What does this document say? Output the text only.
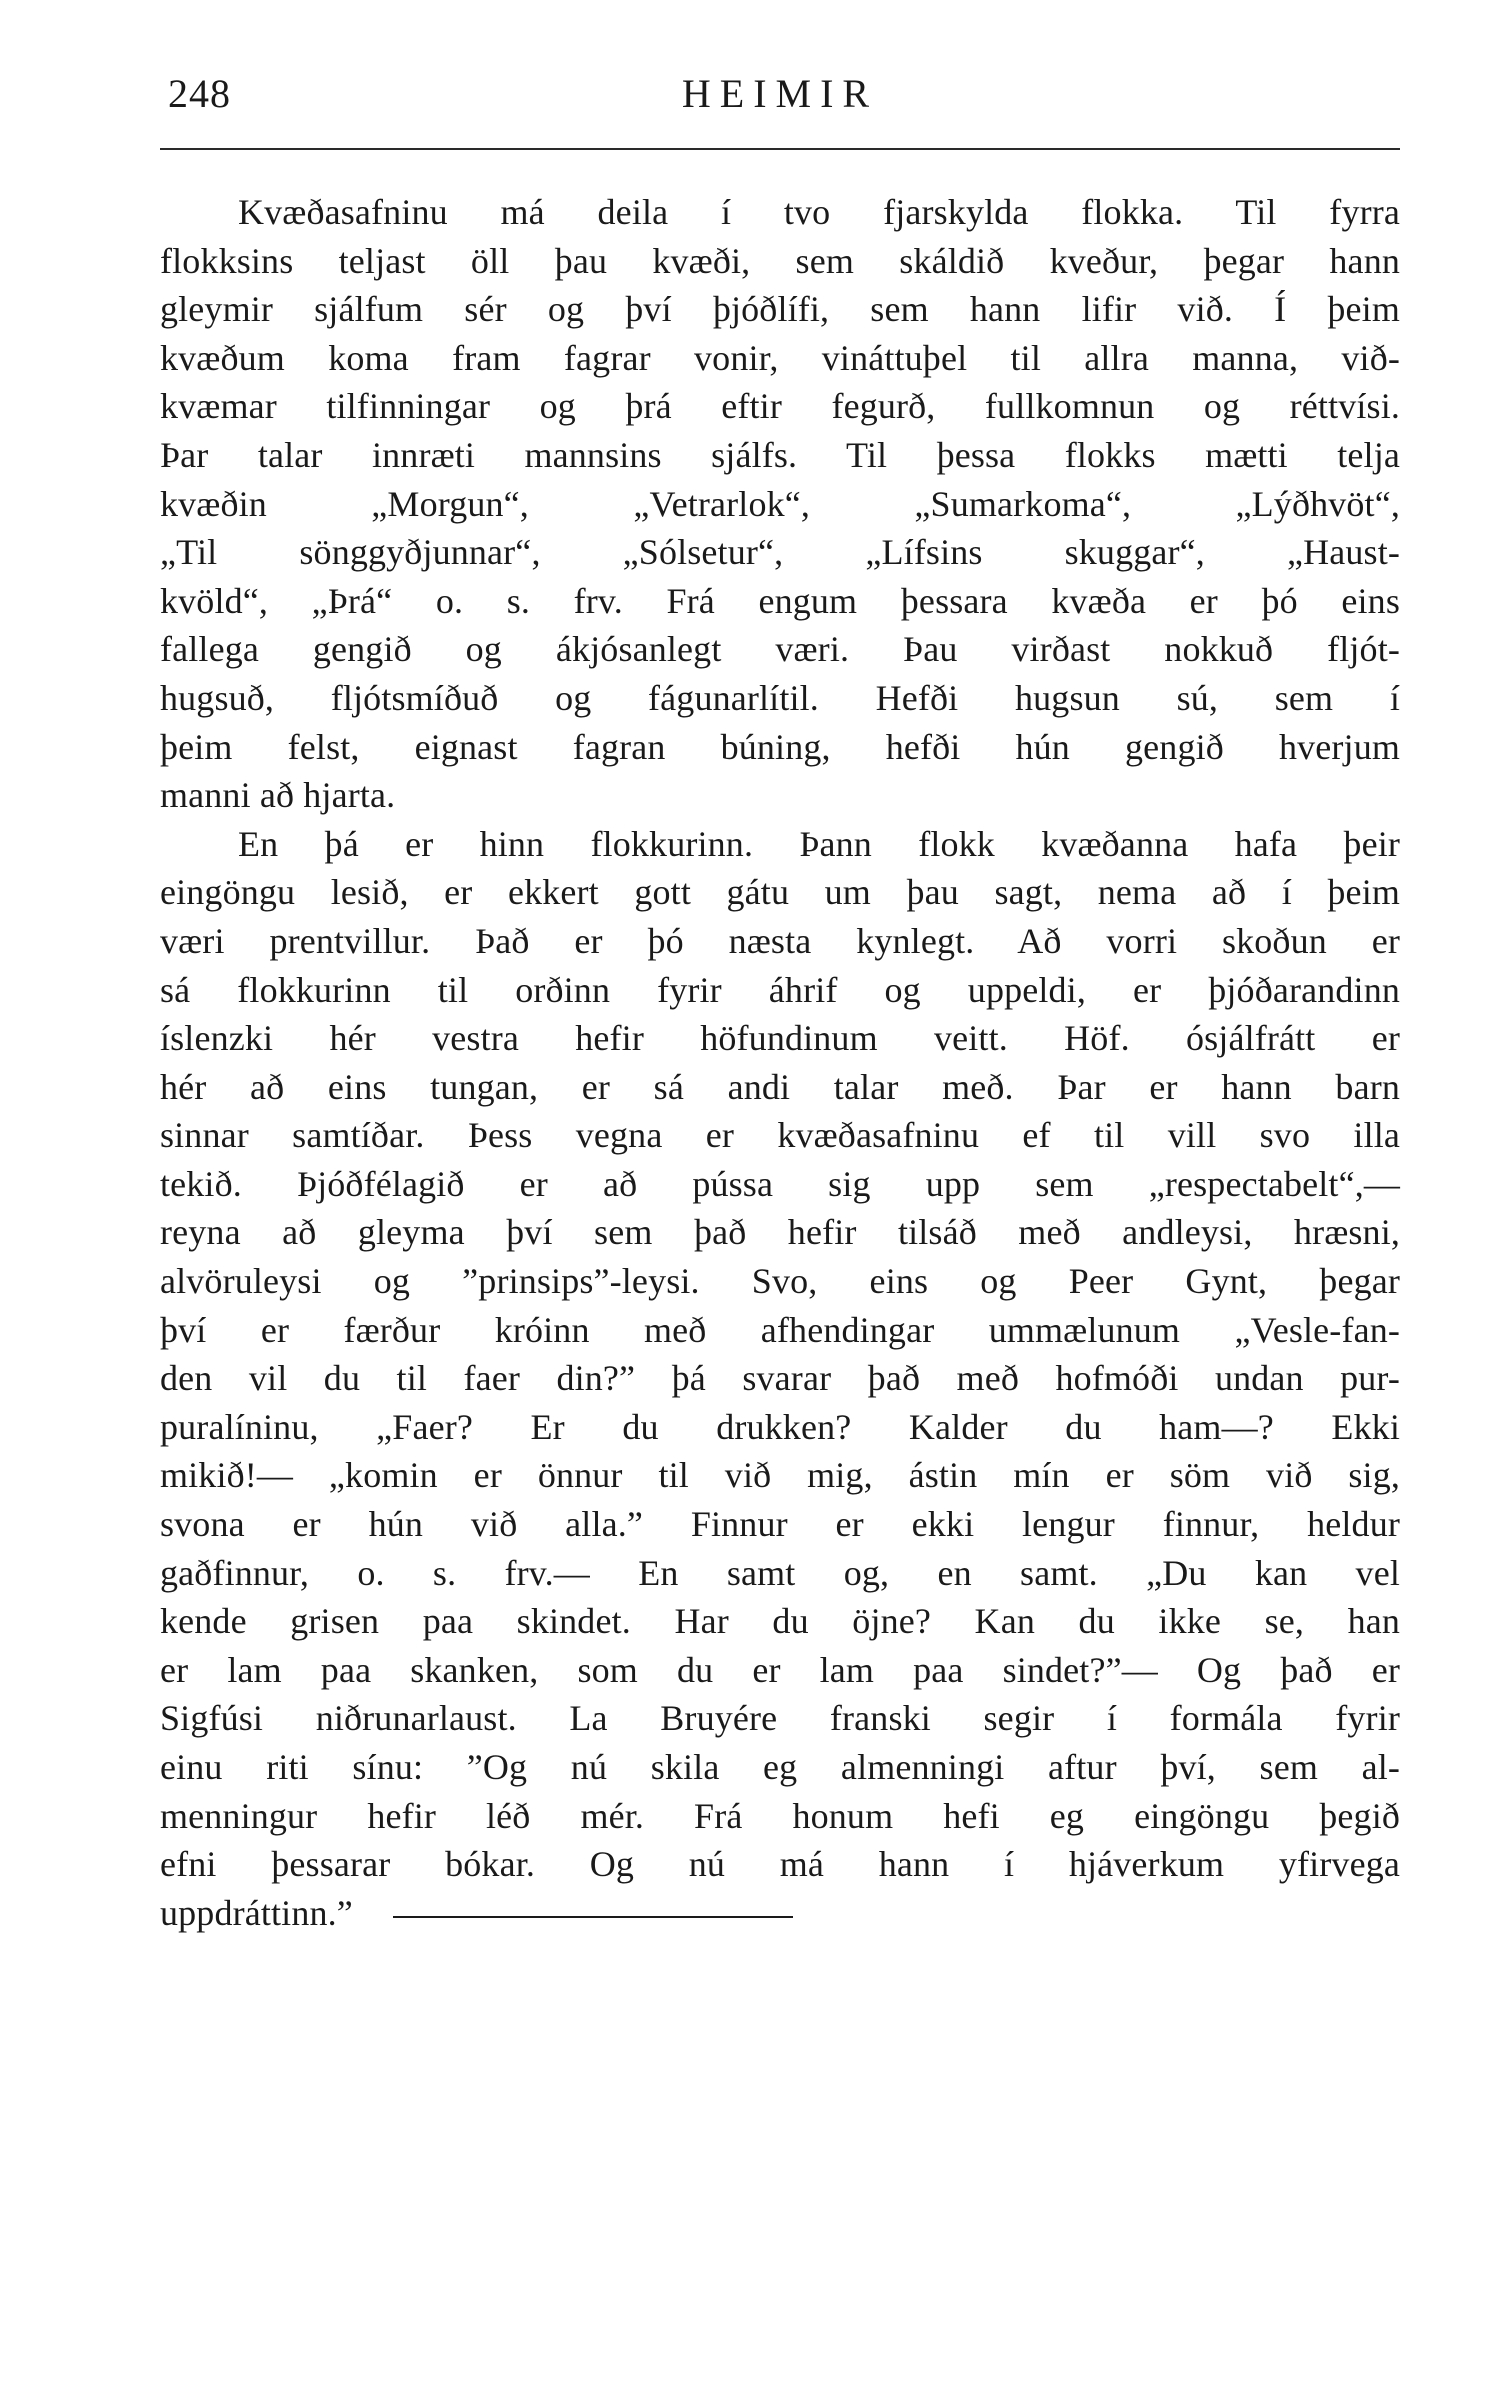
248	HEIMIR
Kvæðasafninu má deila í tvo fjarskylda flokka. Til fyrra
flokksins teljast öll þau kvæði, sem skáldið kveður, þegar hann
gleymir sjálfum sér og því þjóðlífi, sem hann lifir við. Í þeim
kvæðum koma fram fagrar vonir, vináttuþel til allra manna, við-
kvæmar tilfinningar og þrá eftir fegurð, fullkomnun og réttvísi.
Þar talar innræti mannsins sjálfs. Til þessa flokks mætti telja
kvæðin „Morgun“, „Vetrarlok“, „Sumarkoma“, „Lýðhvöt“,
„Til sönggyðjunnar“, „Sólsetur“, „Lífsins skuggar“, „Haust-
kvöld“, „Þrá“ o. s. frv. Frá engum þessara kvæða er þó eins
fallega gengið og ákjósanlegt væri. Þau virðast nokkuð fljót-
hugsuð, fljótsmíðuð og fágunarlítil. Hefði hugsun sú, sem í
þeim felst, eignast fagran búning, hefði hún gengið hverjum
manni að hjarta.
En þá er hinn flokkurinn. Þann flokk kvæðanna hafa þeir
eingöngu lesið, er ekkert gott gátu um þau sagt, nema að í þeim
væri prentvillur. Það er þó næsta kynlegt. Að vorri skoðun er
sá flokkurinn til orðinn fyrir áhrif og uppeldi, er þjóðarandinn
íslenzki hér vestra hefir höfundinum veitt. Höf. ósjálfrátt er
hér að eins tungan, er sá andi talar með. Þar er hann barn
sinnar samtíðar. Þess vegna er kvæðasafninu ef til vill svo illa
tekið. Þjóðfélagið er að pússa sig upp sem „respectabelt“,—
reyna að gleyma því sem það hefir tilsáð með andleysi, hræsni,
alvöruleysi og ”prinsips”-leysi. Svo, eins og Peer Gynt, þegar
því er færður króinn með afhendingar ummælunum „Vesle-fan-
den vil du til faer din?” þá svarar það með hofmóði undan pur-
puralíninu, „Faer? Er du drukken? Kalder du ham—? Ekki
mikið!— „komin er önnur til við mig, ástin mín er söm við sig,
svona er hún við alla.” Finnur er ekki lengur finnur, heldur
gaðfinnur, o. s. frv.— En samt og, en samt. „Du kan vel
kende grisen paa skindet. Har du öjne? Kan du ikke se, han
er lam paa skanken, som du er lam paa sindet?”— Og það er
Sigfúsi niðrunarlaust. La Bruyére franski segir í formála fyrir
einu riti sínu: ”Og nú skila eg almenningi aftur því, sem al-
menningur hefir léð mér. Frá honum hefi eg eingöngu þegið
efni þessarar bókar. Og nú má hann í hjáverkum yfirvega
uppdráttinn.”
